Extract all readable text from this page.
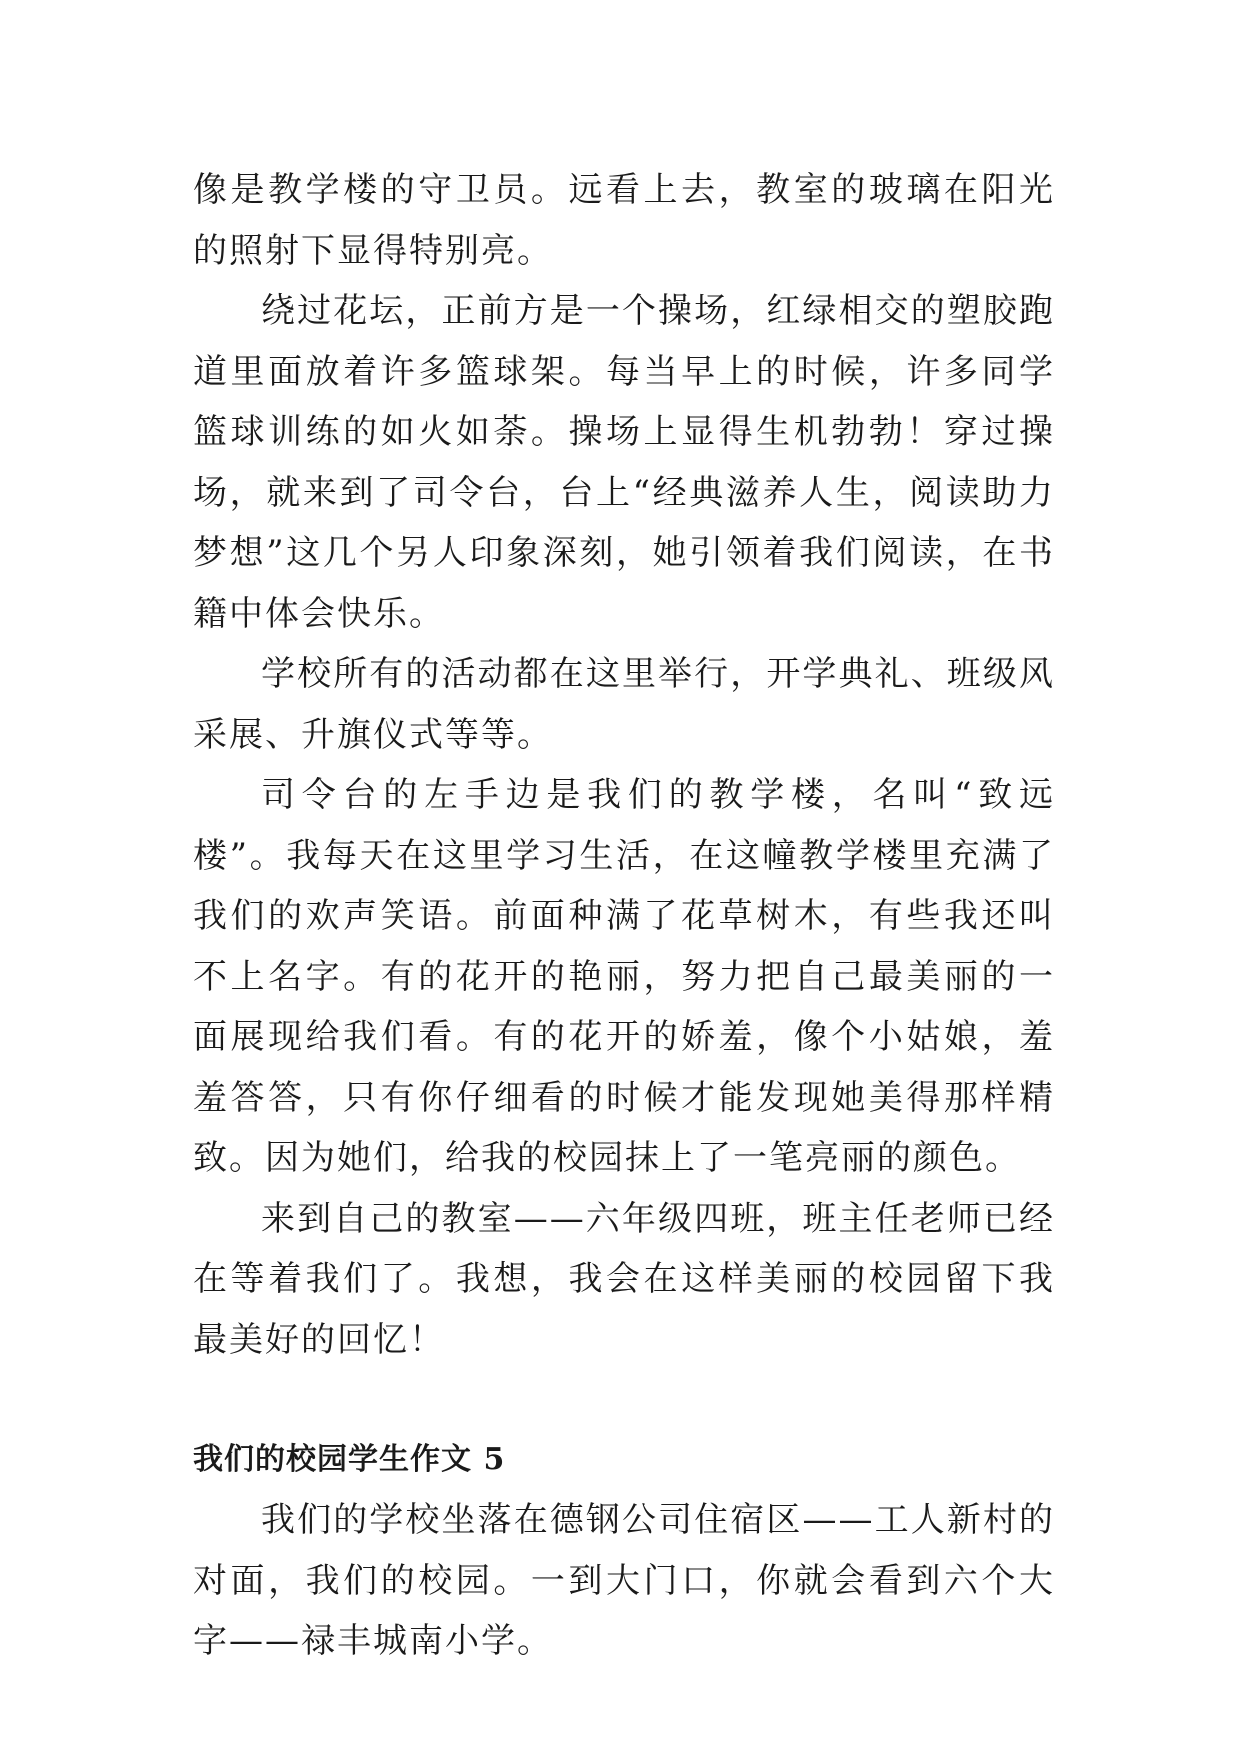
像是教学楼的守卫员。远看上去，教室的玻璃在阳光的照射下显得特别亮。

绕过花坛，正前方是一个操场，红绿相交的塑胶跑道里面放着许多篮球架。每当早上的时候，许多同学篮球训练的如火如荼。操场上显得生机勃勃！穿过操场，就来到了司令台，台上“经典滋养人生，阅读助力梦想”这几个另人印象深刻，她引领着我们阅读，在书籍中体会快乐。

学校所有的活动都在这里举行，开学典礼、班级风采展、升旗仪式等等。

司令台的左手边是我们的教学楼，名叫“致远楼”。我每天在这里学习生活，在这幢教学楼里充满了我们的欢声笑语。前面种满了花草树木，有些我还叫不上名字。有的花开的艳丽，努力把自己最美丽的一面展现给我们看。有的花开的娇羞，像个小姑娘，羞羞答答，只有你仔细看的时候才能发现她美得那样精致。因为她们，给我的校园抹上了一笔亮丽的颜色。

来到自己的教室——六年级四班，班主任老师已经在等着我们了。我想，我会在这样美丽的校园留下我最美好的回忆！

我们的校园学生作文 5

我们的学校坐落在德钢公司住宿区——工人新村的对面，我们的校园。一到大门口，你就会看到六个大字——禄丰城南小学。
